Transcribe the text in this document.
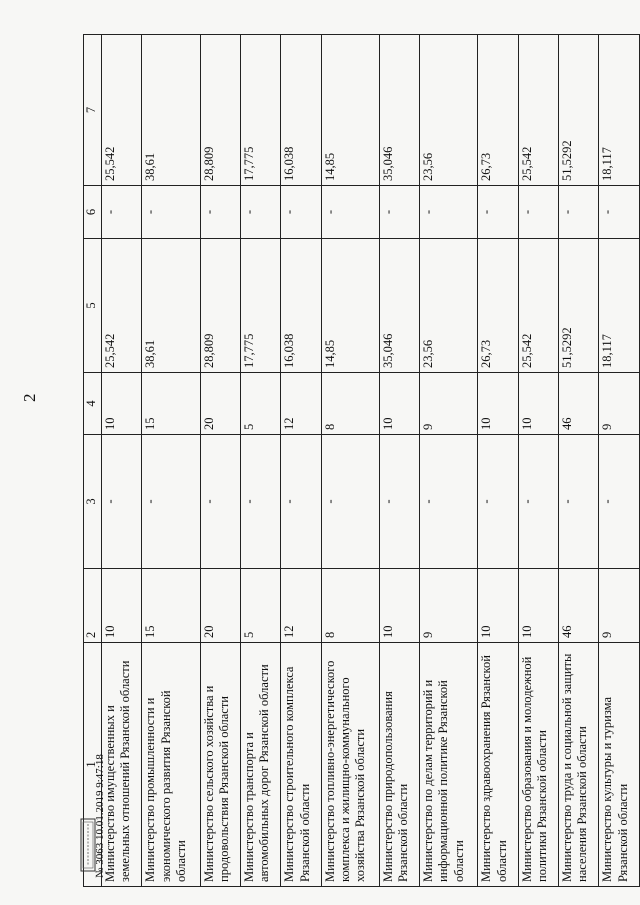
2
1	2	3	4	5	6	7
Министерство имущественных и земельных отношений Рязанской области	10	-	10	25,542	-	25,542
Министерство промышленности и экономического развития Рязанской области	15	-	15	38,61	-	38,61
Министерство сельского хозяйства и продовольствия Рязанской области	20	-	20	28,809	-	28,809
Министерство транспорта и автомобильных дорог Рязанской области	5	-	5	17,775	-	17,775
Министерство строительного комплекса Рязанской области	12	-	12	16,038	-	16,038
Министерство топливно-энергетического комплекса и жилищно-коммунального хозяйства Рязанской области	8	-	8	14,85	-	14,85
Министерство природопользования Рязанской области	10	-	10	35,046	-	35,046
Министерство по делам территорий и информационной политике Рязанской области	9	-	9	23,56	-	23,56
Министерство здравоохранения Рязанской области	10	-	10	26,73	-	26,73
Министерство образования и молодежной политики Рязанской области	10	-	10	25,542	-	25,542
Министерство труда и социальной защиты населения Рязанской области	46	-	46	51,5292	-	51,5292
Министерство культуры и туризма Рязанской области	9	-	9	18,117	-	18,117
№ 3063 10.01.2019 9:47:18
